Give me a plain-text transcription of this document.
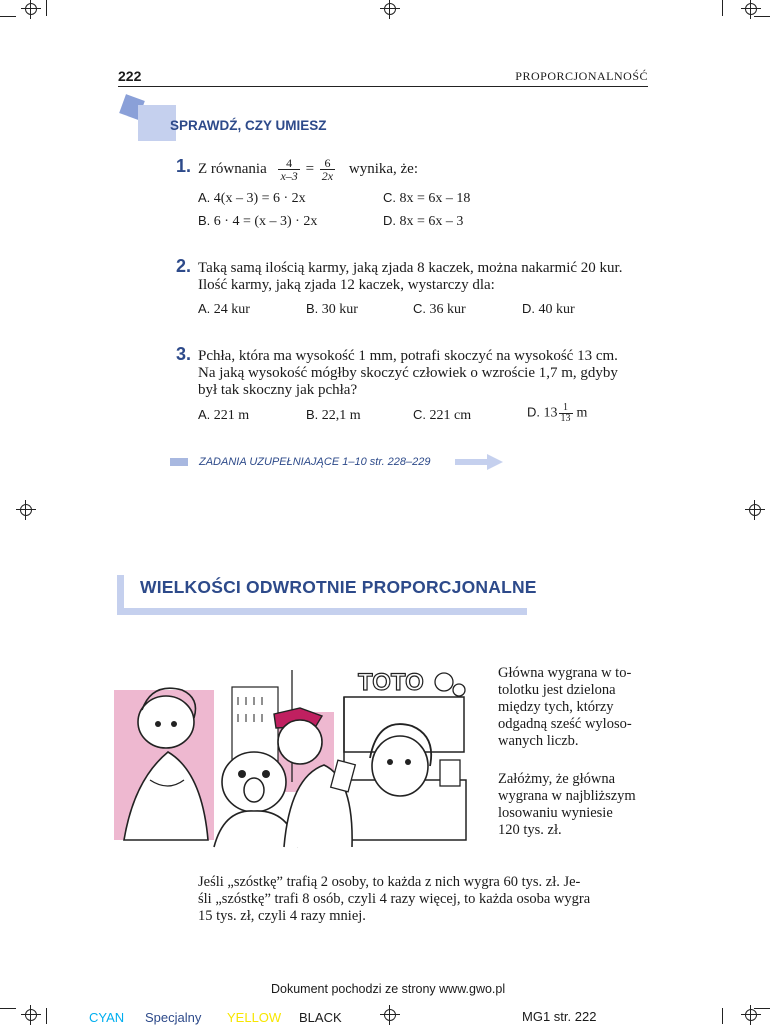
222	PROPORCJONALNOŚĆ
SPRAWDŹ, CZY UMIESZ
1. Z równania $\frac{4}{x-3} = \frac{6}{2x}$ wynika, że:
A. 4(x – 3) = 6 · 2x	C. 8x = 6x – 18
B. 6 · 4 = (x – 3) · 2x	D. 8x = 6x – 3
2. Taką samą ilością karmy, jaką zjada 8 kaczek, można nakarmić 20 kur.
Ilość karmy, jaką zjada 12 kaczek, wystarczy dla:
A. 24 kur	B. 30 kur	C. 36 kur	D. 40 kur
3. Pchła, która ma wysokość 1 mm, potrafi skoczyć na wysokość 13 cm.
Na jaką wysokość mógłby skoczyć człowiek o wzroście 1,7 m, gdyby
był tak skoczny jak pchła?
A. 221 m	B. 22,1 m	C. 221 cm	D. $13 \frac{1}{13}$ m
ZADANIA UZUPEŁNIAJĄCE 1–10 str. 228–229
WIELKOŚCI ODWROTNIE PROPORCJONALNE
TOTO	Główna wygrana w to-
tolotku jest dzielona
między tych, którzy
odgadną sześć wyloso-
wanych liczb.
Załóżmy, że główna
wygrana w najbliższym
losowaniu wyniesie
120 tys. zł.
Jeśli „szóstkę” trafią 2 osoby, to każda z nich wygra 60 tys. zł. Je-
śli „szóstkę” trafi 8 osób, czyli 4 razy więcej, to każda osoba wygra
15 tys. zł, czyli 4 razy mniej.
Dokument pochodzi ze strony www.gwo.pl
CYAN Specjalny YELLOW BLACK	MG1 str. 222
